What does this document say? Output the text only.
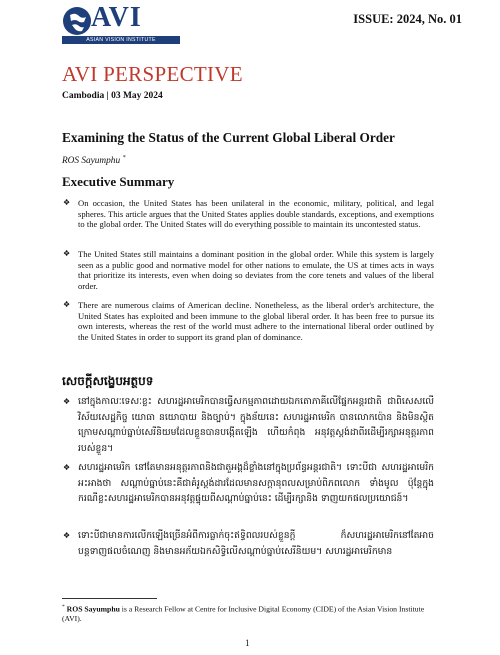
AVI
ASIAN VISION INSTITUTE
ISSUE: 2024, No. 01
AVI PERSPECTIVE
Cambodia | 03 May 2024
Examining the Status of the Current Global Liberal Order
ROS Sayumphu *
Executive Summary
❖ On occasion, the United States has been unilateral in the economic, military, political, and legal spheres. This article argues that the United States applies double standards, exceptions, and exemptions to the global order. The United States will do everything possible to maintain its uncontested status.
❖ The United States still maintains a dominant position in the global order. While this system is largely seen as a public good and normative model for other nations to emulate, the US at times acts in ways that prioritize its interests, even when doing so deviates from the core tenets and values of the liberal order.
❖ There are numerous claims of American decline. Nonetheless, as the liberal order's architecture, the United States has exploited and been immune to the global liberal order. It has been free to pursue its own interests, whereas the rest of the world must adhere to the international liberal order outlined by the United States in order to support its grand plan of dominance.
សេចក្តីសង្ខេបអត្ថបទ
❖ នៅក្នុងកាលៈទេសៈខ្លះ សហរដ្ឋអាមេរិកបានធ្វើសកម្មភាពដោយឯកតោភាគីលើផ្នែកអន្តរជាតិ ជាពិសេសលើវិស័យសេដ្ឋកិច្ច យោធា នយោបាយ និងច្បាប់។ ក្នុងន័យនេះ សហរដ្ឋអាមេរិក បានលោកប៉ោន និងមិនស្ថិតក្រោមសណ្តាប់ធ្នាប់សេរីនិយមដែលខ្លួនបានបង្កើតឡើង ហើយកំពុង អនុវត្តស្តង់ដាពីរដើម្បីរក្សាអនុត្តរភាពរបស់ខ្លួន។
❖ សហរដ្ឋអាមេរិក នៅតែមានអនុត្តរភាពនិងជាតួអង្គដ៏ខ្លាំងនៅក្នុងប្រព័ន្ធអន្តរជាតិ។ ទោះបីជា សហរដ្ឋអាមេរិកអះអាងថា សណ្តាប់ធ្នាប់នេះគឺជាគំរូស្តង់ដារដែលមានសក្តានុពលសម្រាប់ពិភពលោក ទាំងមូល ប៉ុន្តែក្នុងករណីខ្លះសហរដ្ឋអាមេរិកបានអនុវត្តផ្ទុយពីសណ្តាប់ធ្នាប់នេះ ដើម្បីរក្សានិង ទាញយកផលប្រយោជន៍។
❖ ទោះបីជាមានការលើកឡើងច្រើនអំពីការធ្លាក់ចុះឥទ្ធិពលរបស់ខ្លួនក្តី ក៏សហរដ្ឋអាមេរិកនៅតែអាច បន្តទាញផលចំណេញ និងមានអភ័យឯកសិទ្ធិលើសណ្តាប់ធ្នាប់សេរីនិយម។ សហរដ្ឋអាមេរិកមាន
* ROS Sayumphu is a Research Fellow at Centre for Inclusive Digital Economy (CIDE) of the Asian Vision Institute (AVI).
1
